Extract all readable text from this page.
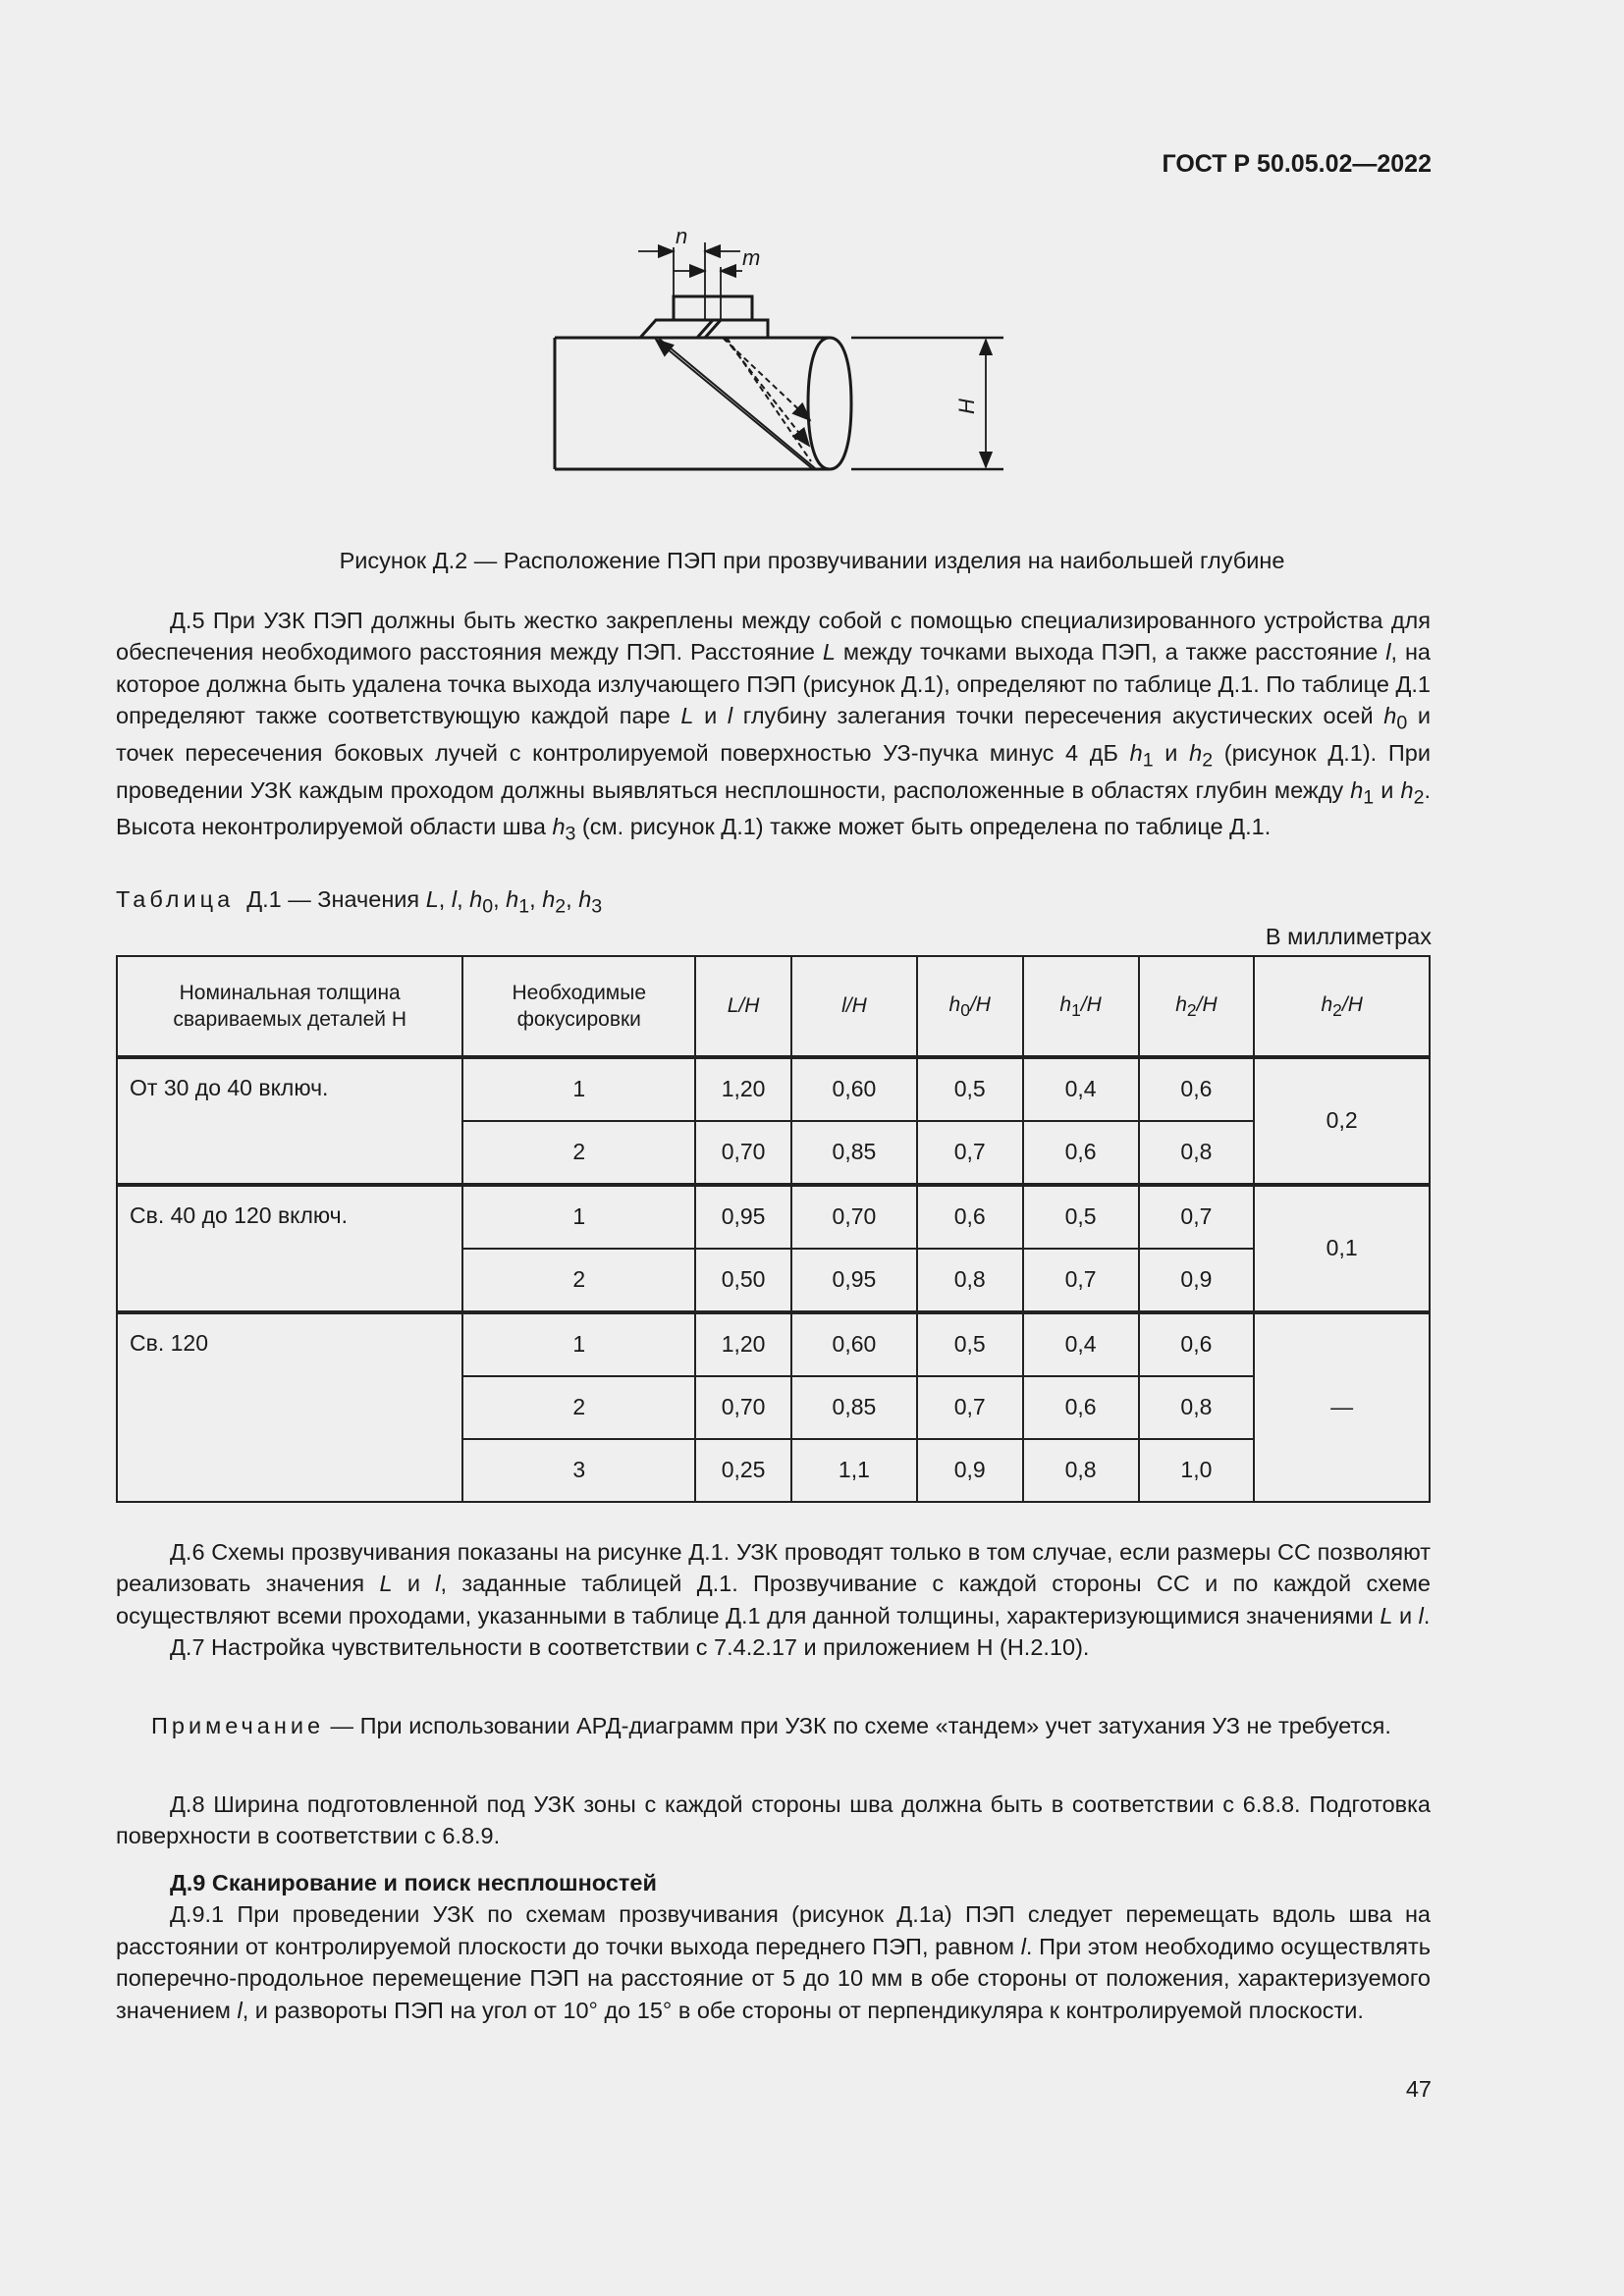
ГОСТ Р 50.05.02—2022
n
m
H
Рисунок Д.2 — Расположение ПЭП при прозвучивании изделия на наибольшей глубине

Д.5 При УЗК ПЭП должны быть жестко закреплены между собой с помощью специализированного устройства для обеспечения необходимого расстояния между ПЭП. Расстояние L между точками выхода ПЭП, а также расстояние l, на которое должна быть удалена точка выхода излучающего ПЭП (рисунок Д.1), определяют по таблице Д.1. По таблице Д.1 определяют также соответствующую каждой паре L и l глубину залегания точки пересечения акустических осей $h_0$ и точек пересечения боковых лучей с контролируемой поверхностью УЗ-пучка минус 4 дБ $h_1$ и $h_2$ (рисунок Д.1). При проведении УЗК каждым проходом должны выявляться несплошности, расположенные в областях глубин между $h_1$ и $h_2$. Высота неконтролируемой области шва $h_3$ (см. рисунок Д.1) также может быть определена по таблице Д.1.

Таблица  Д.1 — Значения L, l, $h_0$, $h_1$, $h_2$, $h_3$
В миллиметрах
Номинальная толщина свариваемых деталей Н	Необходимые фокусировки	L/H	l/H	$h_0/H$	$h_1/H$	$h_2/H$	$h_2/H$
От 30 до 40 включ.	1	1,20	0,60	0,5	0,4	0,6	0,2
	2	0,70	0,85	0,7	0,6	0,8	
Св. 40 до 120 включ.	1	0,95	0,70	0,6	0,5	0,7	0,1
	2	0,50	0,95	0,8	0,7	0,9	
Св. 120	1	1,20	0,60	0,5	0,4	0,6	—
	2	0,70	0,85	0,7	0,6	0,8	
	3	0,25	1,1	0,9	0,8	1,0	

Д.6 Схемы прозвучивания показаны на рисунке Д.1. УЗК проводят только в том случае, если размеры СС позволяют реализовать значения L и l, заданные таблицей Д.1. Прозвучивание с каждой стороны СС и по каждой схеме осуществляют всеми проходами, указанными в таблице Д.1 для данной толщины, характеризующимися значениями L и l.

Д.7 Настройка чувствительности в соответствии с 7.4.2.17 и приложением Н (Н.2.10).

Примечание — При использовании АРД-диаграмм при УЗК по схеме «тандем» учет затухания УЗ не требуется.

Д.8 Ширина подготовленной под УЗК зоны с каждой стороны шва должна быть в соответствии с 6.8.8. Подготовка поверхности в соответствии с 6.8.9.

Д.9 Сканирование и поиск несплошностей

Д.9.1 При проведении УЗК по схемам прозвучивания (рисунок Д.1а) ПЭП следует перемещать вдоль шва на расстоянии от контролируемой плоскости до точки выхода переднего ПЭП, равном l. При этом необходимо осуществлять поперечно-продольное перемещение ПЭП на расстояние от 5 до 10 мм в обе стороны от положения, характеризуемого значением l, и развороты ПЭП на угол от 10° до 15° в обе стороны от перпендикуляра к контролируемой плоскости.

47
